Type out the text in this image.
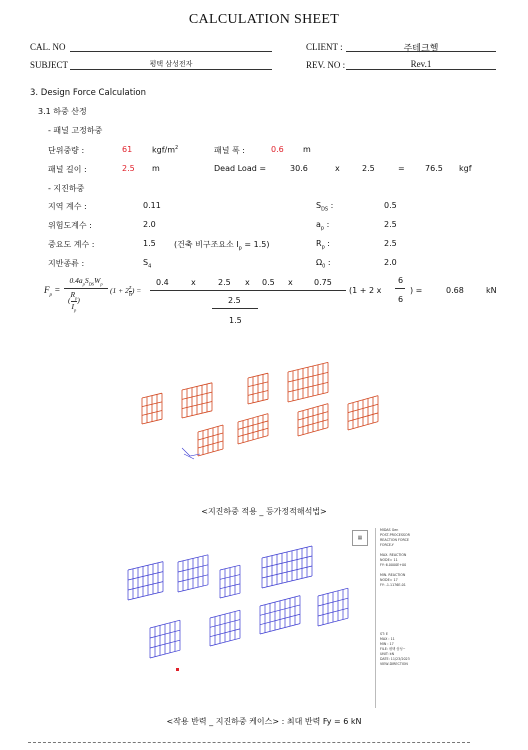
CALCULATION SHEET
CAL. NO	CLIENT :	주테크헬
SUBJECT	평택 삼성전자	REV. NO :	Rev.1
3. Design Force Calculation
3.1 하중 산정
- 패널 고정하중
단위중량 :	61 kgf/$m^2$	패널 폭 :	0.6 m
패널 길이 :	2.5 m	Dead Load =	30.6	x	2.5	=	76.5 kgf
- 지진하중
지역 계수 :	0.11	$S_{DS}$ :	0.5
위험도계수 :	2.0	$a_p$ :	2.5
중요도 계수 :	1.5 (건축 비구조요소 $I_p = 1.5$)	$R_p$ :	2.5
지반종류 :	$S_4$	$\Omega_0$ :	2.0
$F_p$ =
$0.4a_pS_{DS}W_p$
( $\frac{R_p}{I_p}$ )
($1 + 2 \frac{z}{h}$ ) =
0.4	x	2.5 x 0.5 x	0.75
2.5
1.5
(1 + 2 x
6
6
) =	0.68	kN
<지진하중 적용 _ 등가정적해석법>
▦
MIDAS Gen
POST-PROCESSOR
REACTION FORCE
FORCE-Y

MAX. REACTION
NODE= 11
FY: 6.0000E+00

MIN. REACTION
NODE= 17
FY: -1.1176E-01
ST: E
MAX : 11
MIN : 17
FILE: 평택 삼성~
UNIT: kN
DATE: 11/23/2023
VIEW-DIRECTION
<작용 반력 _ 지진하중 케이스> : 최대 반력 Fy = 6 kN
